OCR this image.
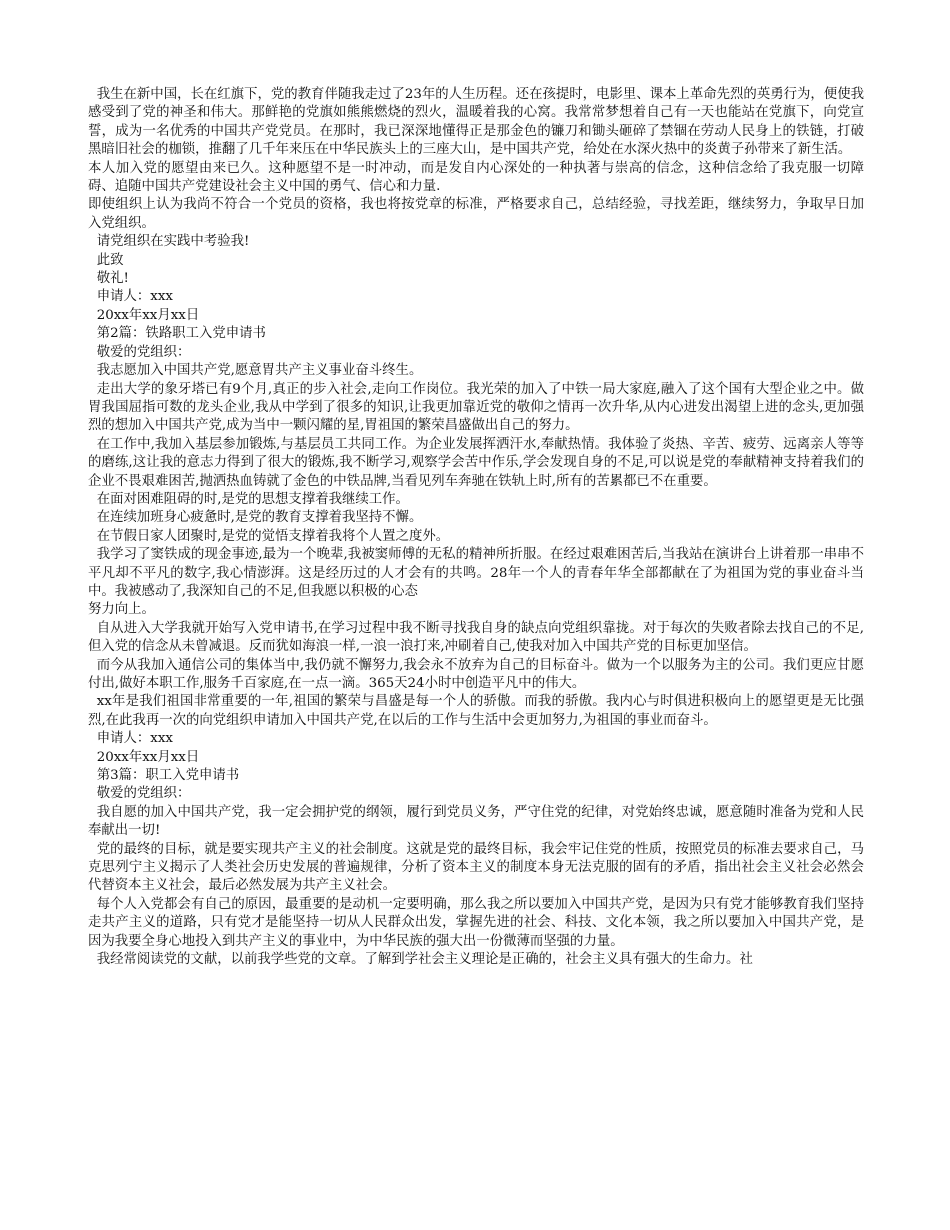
我生在新中国，长在红旗下，党的教育伴随我走过了23年的人生历程。还在孩提时，电影里、课本上革命先烈的英勇行为，便使我感受到了党的神圣和伟大。那鲜艳的党旗如熊熊燃烧的烈火，温暖着我的心窝。我常常梦想着自己有一天也能站在党旗下，向党宣誓，成为一名优秀的中国共产党党员。在那时，我已深深地懂得正是那金色的镰刀和锄头砸碎了禁锢在劳动人民身上的铁链，打破黑暗旧社会的枷锁，推翻了几千年来压在中华民族头上的三座大山，是中国共产党，给处在水深火热中的炎黄子孙带来了新生活。

本人加入党的愿望由来已久。这种愿望不是一时冲动，而是发自内心深处的一种执著与崇高的信念，这种信念给了我克服一切障碍、追随中国共产党建设社会主义中国的勇气、信心和力量.

即使组织上认为我尚不符合一个党员的资格，我也将按党章的标准，严格要求自己，总结经验，寻找差距，继续努力，争取早日加入党组织。

请党组织在实践中考验我!

此致

敬礼!

申请人：xxx

20xx年xx月xx日

第2篇：铁路职工入党申请书

敬爱的党组织：

我志愿加入中国共产党,愿意胃共产主义事业奋斗终生。

走出大学的象牙塔已有9个月,真正的步入社会,走向工作岗位。我光荣的加入了中铁一局大家庭,融入了这个国有大型企业之中。做胃我国屈指可数的龙头企业,我从中学到了很多的知识,让我更加靠近党的敬仰之情再一次升华,从内心进发出渴望上进的念头,更加强烈的想加入中国共产党,成为当中一颗闪耀的星,胃祖国的繁荣昌盛做出自己的努力。

在工作中,我加入基层参加锻炼,与基层员工共同工作。为企业发展挥洒汗水,奉献热情。我体验了炎热、辛苦、疲劳、远离亲人等等的磨练,这让我的意志力得到了很大的锻炼,我不断学习,观察学会苦中作乐,学会发现自身的不足,可以说是党的奉献精神支持着我们的企业不畏艰难困苦,抛洒热血铸就了金色的中铁品牌,当看见列车奔驰在铁轨上时,所有的苦累都已不在重要。

在面对困难阻碍的时,是党的思想支撑着我继续工作。

在连续加班身心疲惫时,是党的教育支撑着我坚持不懈。

在节假日家人团聚时,是党的觉悟支撑着我将个人置之度外。

我学习了窦铁成的现金事迹,最为一个晚辈,我被窦师傅的无私的精神所折服。在经过艰难困苦后,当我站在演讲台上讲着那一串串不平凡却不平凡的数字,我心情澎湃。这是经历过的人才会有的共鸣。28年一个人的青春年华全部都献在了为祖国为党的事业奋斗当中。我被感动了,我深知自己的不足,但我愿以积极的心态

努力向上。

自从进入大学我就开始写入党申请书,在学习过程中我不断寻找我自身的缺点向党组织靠拢。对于每次的失败者除去找自己的不足,但入党的信念从未曾减退。反而犹如海浪一样,一浪一浪打来,冲刷着自己,使我对加入中国共产党的目标更加坚信。

而今从我加入通信公司的集体当中,我仍就不懈努力,我会永不放弃为自己的目标奋斗。做为一个以服务为主的公司。我们更应甘愿付出,做好本职工作,服务千百家庭,在一点一滴。365天24小时中创造平凡中的伟大。

xx年是我们祖国非常重要的一年,祖国的繁荣与昌盛是每一个人的骄傲。而我的骄傲。我内心与时俱进积极向上的愿望更是无比强烈,在此我再一次的向党组织申请加入中国共产党,在以后的工作与生活中会更加努力,为祖国的事业而奋斗。

申请人：xxx

20xx年xx月xx日

第3篇：职工入党申请书

敬爱的党组织：

我自愿的加入中国共产党，我一定会拥护党的纲领，履行到党员义务，严守住党的纪律，对党始终忠诚，愿意随时准备为党和人民奉献出一切!

党的最终的目标，就是要实现共产主义的社会制度。这就是党的最终目标，我会牢记住党的性质，按照党员的标准去要求自己，马克思列宁主义揭示了人类社会历史发展的普遍规律，分析了资本主义的制度本身无法克服的固有的矛盾，指出社会主义社会必然会代替资本主义社会，最后必然发展为共产主义社会。

每个人入党都会有自己的原因，最重要的是动机一定要明确，那么我之所以要加入中国共产党，是因为只有党才能够教育我们坚持走共产主义的道路，只有党才是能坚持一切从人民群众出发，掌握先进的社会、科技、文化本领，我之所以要加入中国共产党，是因为我要全身心地投入到共产主义的事业中，为中华民族的强大出一份微薄而坚强的力量。

我经常阅读党的文献，以前我学些党的文章。了解到学社会主义理论是正确的，社会主义具有强大的生命力。社
